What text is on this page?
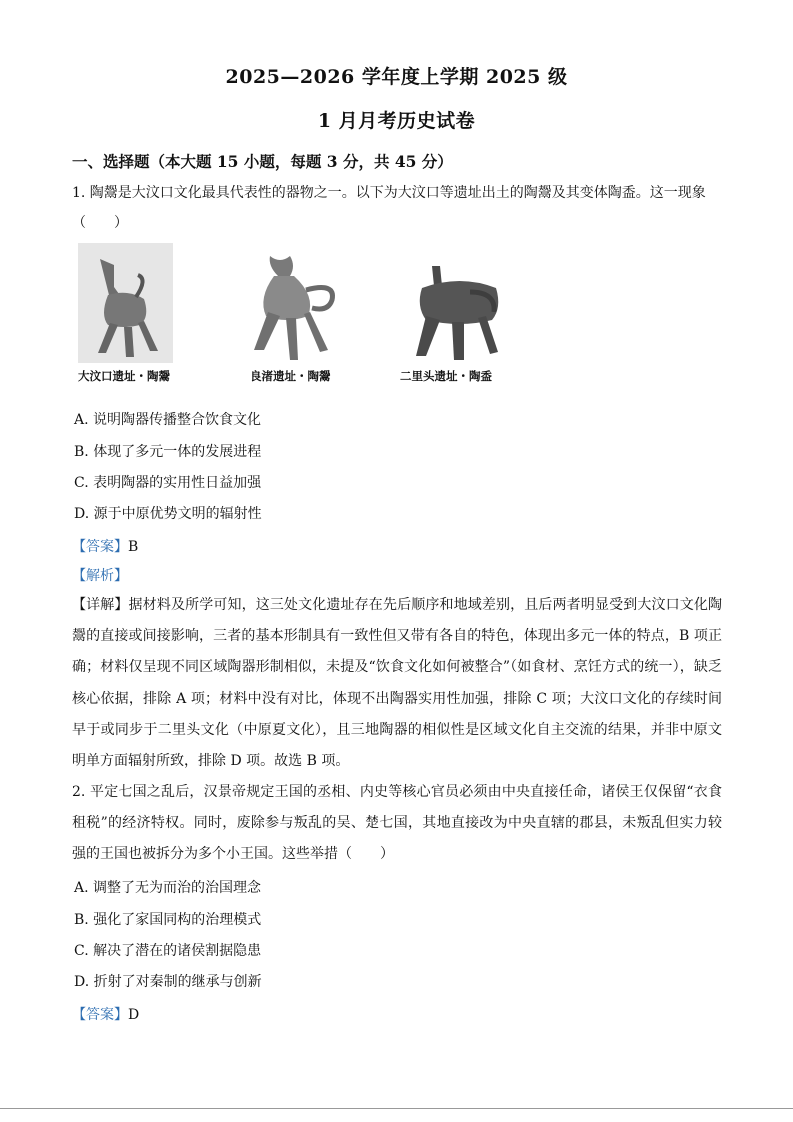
2025—2026 学年度上学期 2025 级
1 月月考历史试卷
一、选择题（本大题 15 小题，每题 3 分，共 45 分）
1. 陶鬶是大汶口文化最具代表性的器物之一。以下为大汶口等遗址出土的陶鬶及其变体陶盉。这一现象
（　　）
大汶口遗址・陶鬶	良渚遗址・陶鬶	二里头遗址・陶盉
A. 说明陶器传播整合饮食文化
B. 体现了多元一体的发展进程
C. 表明陶器的实用性日益加强
D. 源于中原优势文明的辐射性
【答案】B
【解析】
【详解】据材料及所学可知，这三处文化遗址存在先后顺序和地域差别，且后两者明显受到大汶口文化陶鬶的直接或间接影响，三者的基本形制具有一致性但又带有各自的特色，体现出多元一体的特点，B 项正确；材料仅呈现不同区域陶器形制相似，未提及“饮食文化如何被整合”（如食材、烹饪方式的统一），缺乏核心依据，排除 A 项；材料中没有对比，体现不出陶器实用性加强，排除 C 项；大汶口文化的存续时间早于或同步于二里头文化（中原夏文化），且三地陶器的相似性是区域文化自主交流的结果，并非中原文明单方面辐射所致，排除 D 项。故选 B 项。
2. 平定七国之乱后，汉景帝规定王国的丞相、内史等核心官员必须由中央直接任命，诸侯王仅保留“衣食租税”的经济特权。同时，废除参与叛乱的吴、楚七国，其地直接改为中央直辖的郡县，未叛乱但实力较强的王国也被拆分为多个小王国。这些举措（　　）
A. 调整了无为而治的治国理念
B. 强化了家国同构的治理模式
C. 解决了潜在的诸侯割据隐患
D. 折射了对秦制的继承与创新
【答案】D
